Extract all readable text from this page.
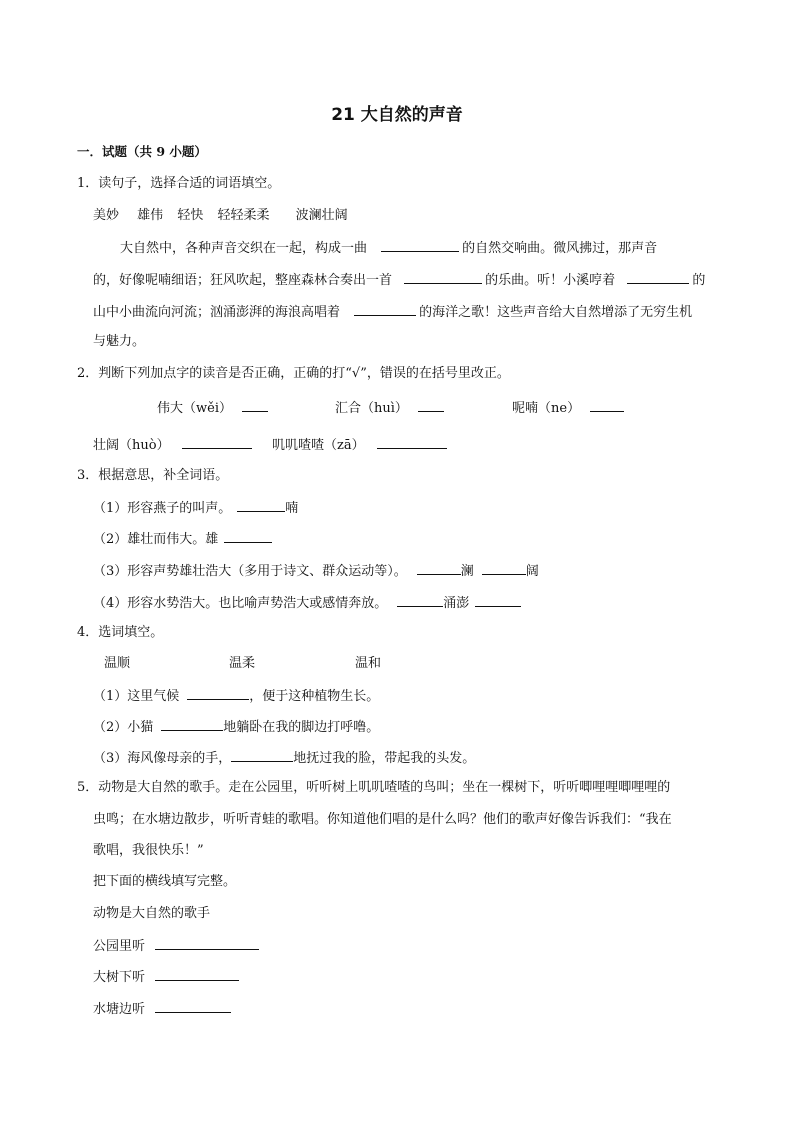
21 大自然的声音
一．试题（共 9 小题）
1．读句子，选择合适的词语填空。
美妙 雄伟 轻快 轻轻柔柔 波澜壮阔
大自然中，各种声音交织在一起，构成一曲	的自然交响曲。微风拂过，那声音
的，好像呢喃细语；狂风吹起，整座森林合奏出一首	的乐曲。听！小溪哼着	的
山中小曲流向河流；汹涌澎湃的海浪高唱着	的海洋之歌！这些声音给大自然增添了无穷生机
与魅力。
2．判断下列加点字的读音是否正确，正确的打“√”，错误的在括号里改正。
伟大（wěi）	汇合（huì）	呢喃（ne）
壮阔（huò）	叽叽喳喳（zā）
3．根据意思，补全词语。
（1）形容燕子的叫声。	喃
（2）雄壮而伟大。雄
（3）形容声势雄壮浩大（多用于诗文、群众运动等）。	澜	阔
（4）形容水势浩大。也比喻声势浩大或感情奔放。	涌澎
4．选词填空。
温顺	温柔	温和
（1）这里气候	，便于这种植物生长。
（2）小猫	地躺卧在我的脚边打呼噜。
（3）海风像母亲的手，	地抚过我的脸，带起我的头发。
5．动物是大自然的歌手。走在公园里，听听树上叽叽喳喳的鸟叫；坐在一棵树下，听听唧哩哩唧哩哩的
虫鸣；在水塘边散步，听听青蛙的歌唱。你知道他们唱的是什么吗？他们的歌声好像告诉我们：“我在
歌唱，我很快乐！”
把下面的横线填写完整。
动物是大自然的歌手
公园里听
大树下听
水塘边听
